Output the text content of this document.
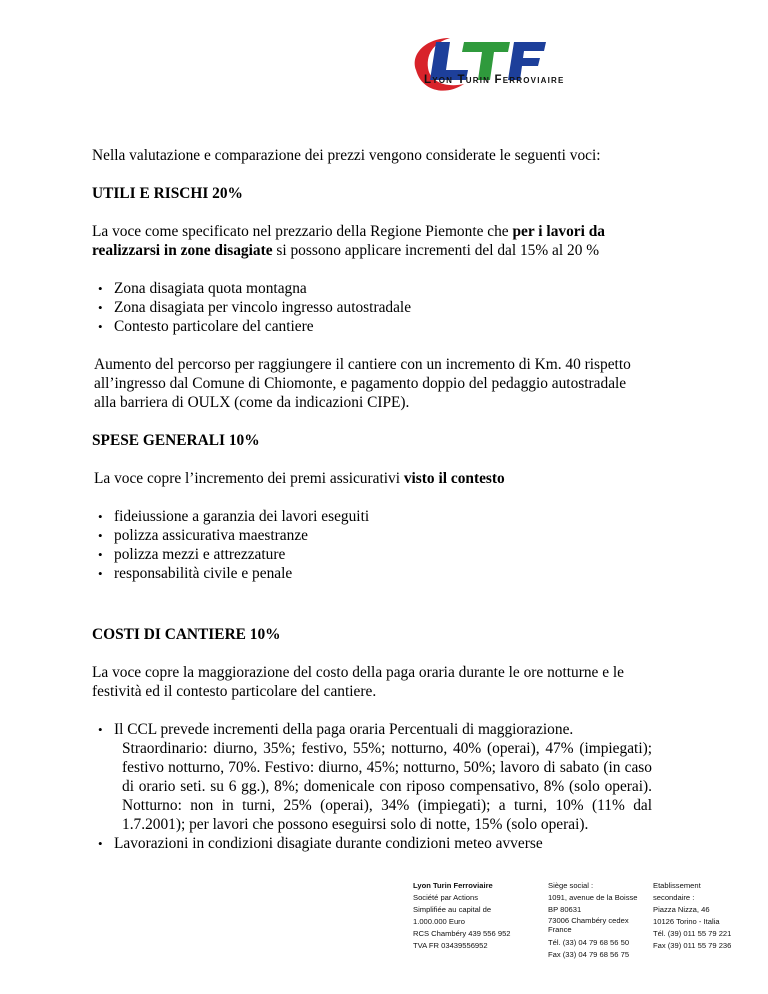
Lyon Turin Ferroviaire

Nella valutazione e comparazione dei prezzi vengono considerate le seguenti voci:

UTILI E RISCHI 20%

La voce come specificato nel prezzario della Regione Piemonte che per i lavori da realizzarsi in zone disagiate si possono applicare incrementi del dal 15% al 20 %

• Zona disagiata quota montagna
• Zona disagiata per vincolo ingresso autostradale
• Contesto particolare del cantiere

Aumento del percorso per raggiungere il cantiere con un incremento di Km. 40 rispetto all’ingresso dal Comune di Chiomonte, e pagamento doppio del pedaggio autostradale alla barriera di OULX (come da indicazioni CIPE).

SPESE GENERALI 10%

La voce copre l’incremento dei premi assicurativi visto il contesto

• fideiussione a garanzia dei lavori eseguiti
• polizza assicurativa maestranze
• polizza mezzi e attrezzature
• responsabilità civile e penale

COSTI DI CANTIERE 10%

La voce copre la maggiorazione del costo della paga oraria durante le ore notturne e le festività ed il contesto particolare del cantiere.

• Il CCL prevede incrementi della paga oraria Percentuali di maggiorazione.
Straordinario: diurno, 35%; festivo, 55%; notturno, 40% (operai), 47% (impiegati); festivo notturno, 70%. Festivo: diurno, 45%; notturno, 50%; lavoro di sabato (in caso di orario seti. su 6 gg.), 8%; domenicale con riposo compensativo, 8% (solo operai). Notturno: non in turni, 25% (operai), 34% (impiegati); a turni, 10% (11% dal 1.7.2001); per lavori che possono eseguirsi solo di notte, 15% (solo operai).
• Lavorazioni in condizioni disagiate durante condizioni meteo avverse
Lyon Turin Ferroviaire
Société par Actions
Simplifiée au capital de
1.000.000 Euro
RCS Chambéry 439 556 952
TVA FR 03439556952
Siège social :
1091, avenue de la Boisse
BP 80631
73006 Chambéry cedex
France
Tél. (33) 04 79 68 56 50
Fax (33) 04 79 68 56 75
Etablissement
secondaire :
Piazza Nizza, 46
10126 Torino - Italia
Tél. (39) 011 55 79 221
Fax (39) 011 55 79 236
